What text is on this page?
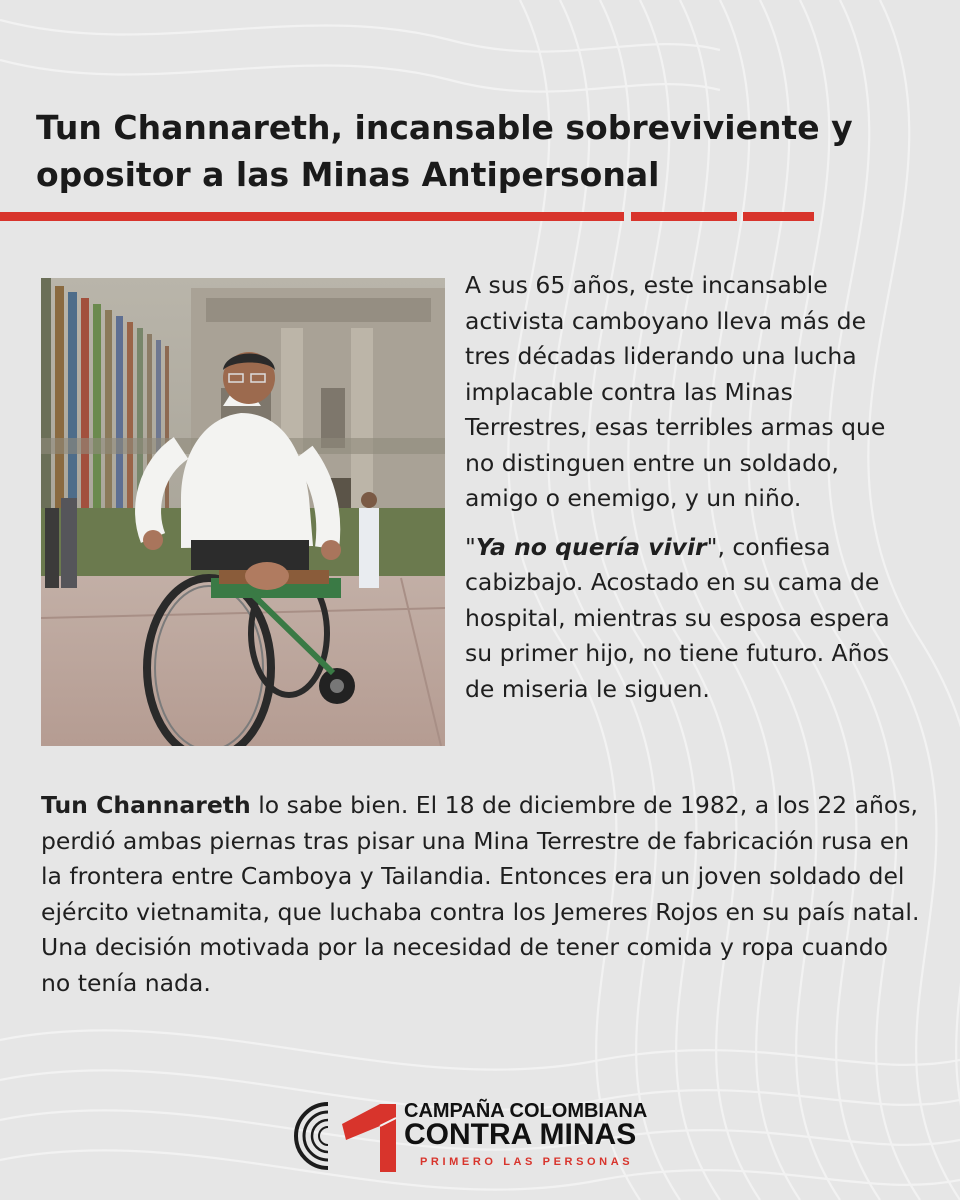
Tun Channareth, incansable sobreviviente y
opositor a las Minas Antipersonal

A sus 65 años, este incansable activista camboyano lleva más de tres décadas liderando una lucha implacable contra las Minas Terrestres, esas terribles armas que no distinguen entre un soldado, amigo o enemigo, y un niño.

"Ya no quería vivir", confiesa cabizbajo. Acostado en su cama de hospital, mientras su esposa espera su primer hijo, no tiene futuro. Años de miseria le siguen.

Tun Channareth lo sabe bien. El 18 de diciembre de 1982, a los 22 años, perdió ambas piernas tras pisar una Mina Terrestre de fabricación rusa en la frontera entre Camboya y Tailandia. Entonces era un joven soldado del ejército vietnamita, que luchaba contra los Jemeres Rojos en su país natal. Una decisión motivada por la necesidad de tener comida y ropa cuando no tenía nada.

CAMPAÑA COLOMBIANA

CONTRA MINAS

PRIMERO LAS PERSONAS
